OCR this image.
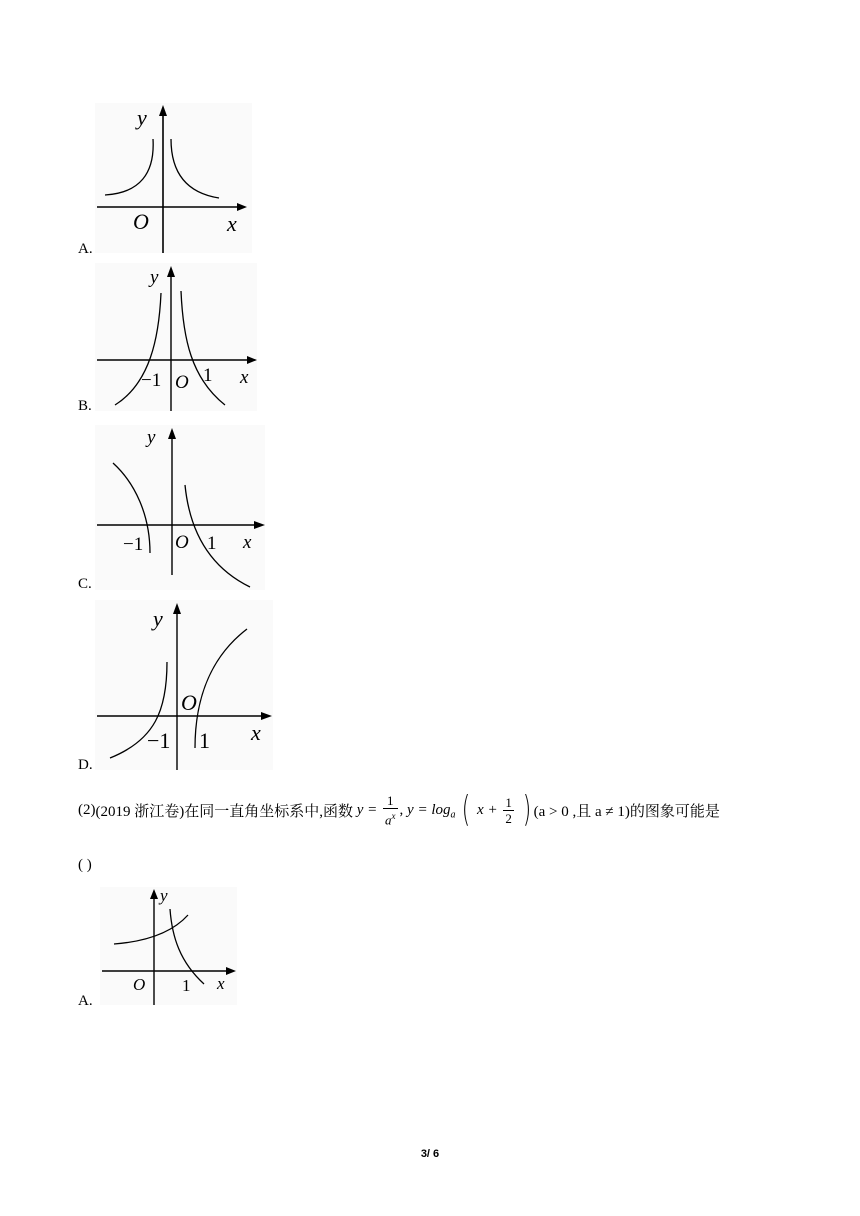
y
O	x
A.
y
−1 O 1 x
B.
y
−1 O 1 x
C.
y
O
−1 1 x
D.
(2)(2019 浙江卷)在同一直角坐标系中,函数 $y = \frac{1}{a^x}$ , $y = \log_a$ ( $x + \frac{1}{2}$ ) (a > 0 ,且 a ≠ 1)的图象可能是
( )
y
O 1 x
A.
3/ 6
